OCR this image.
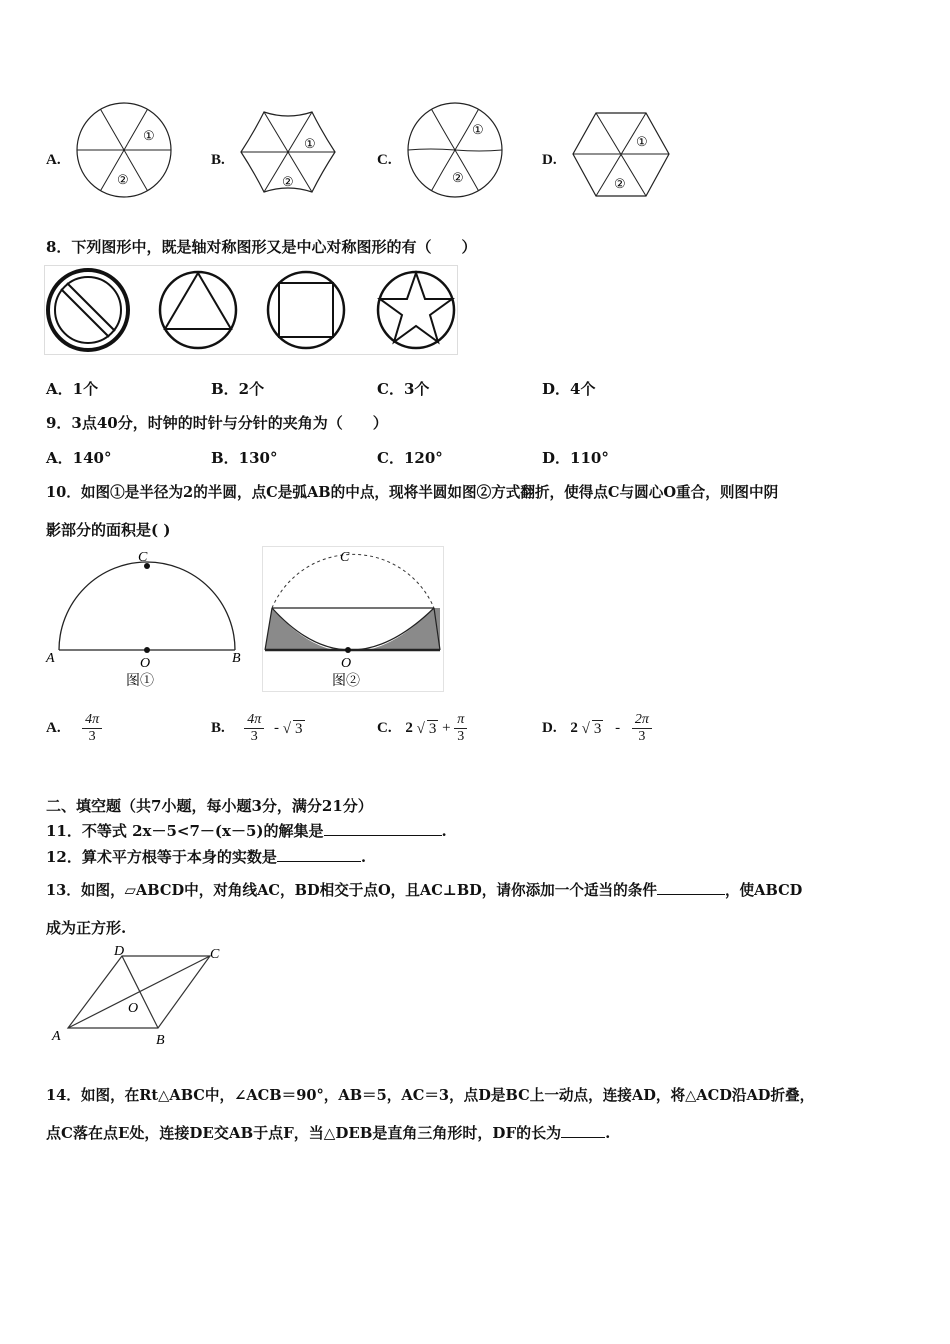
A.
①
②
B.
①
②
C.
①
②
D.
①
②
8．下列图形中，既是轴对称图形又是中心对称图形的有（　　）
A．1个	B．2个	C．3个	D．4个
9．3点40分，时钟的时针与分针的夹角为（　　）
A．140°	B．130°	C．120°	D．110°
10．如图①是半径为2的半圆，点C是弧AB的中点，现将半圆如图②方式翻折，使得点C与圆心O重合，则图中阴
影部分的面积是( )
C
A	O	B
图①
C
O
图②
A. $\frac{4\pi}{3}$	B. $\frac{4\pi}{3}$ - √ 3	C. 2 √ $3 + \frac{\pi}{3}$	D. 2 √ $3 - \frac{2\pi}{3}$
二、填空题（共7小题，每小题3分，满分21分）
11．不等式 2x－5<7－(x－5)的解集是	.
12．算术平方根等于本身的实数是	.
13．如图，▱ABCD中，对角线AC，BD相交于点O，且AC⊥BD，请你添加一个适当的条件	，使ABCD
成为正方形.
D	C
O
A	B
14．如图，在Rt△ABC中，∠ACB＝90°，AB＝5，AC＝3，点D是BC上一动点，连接AD，将△ACD沿AD折叠，
点C落在点E处，连接DE交AB于点F，当△DEB是直角三角形时，DF的长为	.
